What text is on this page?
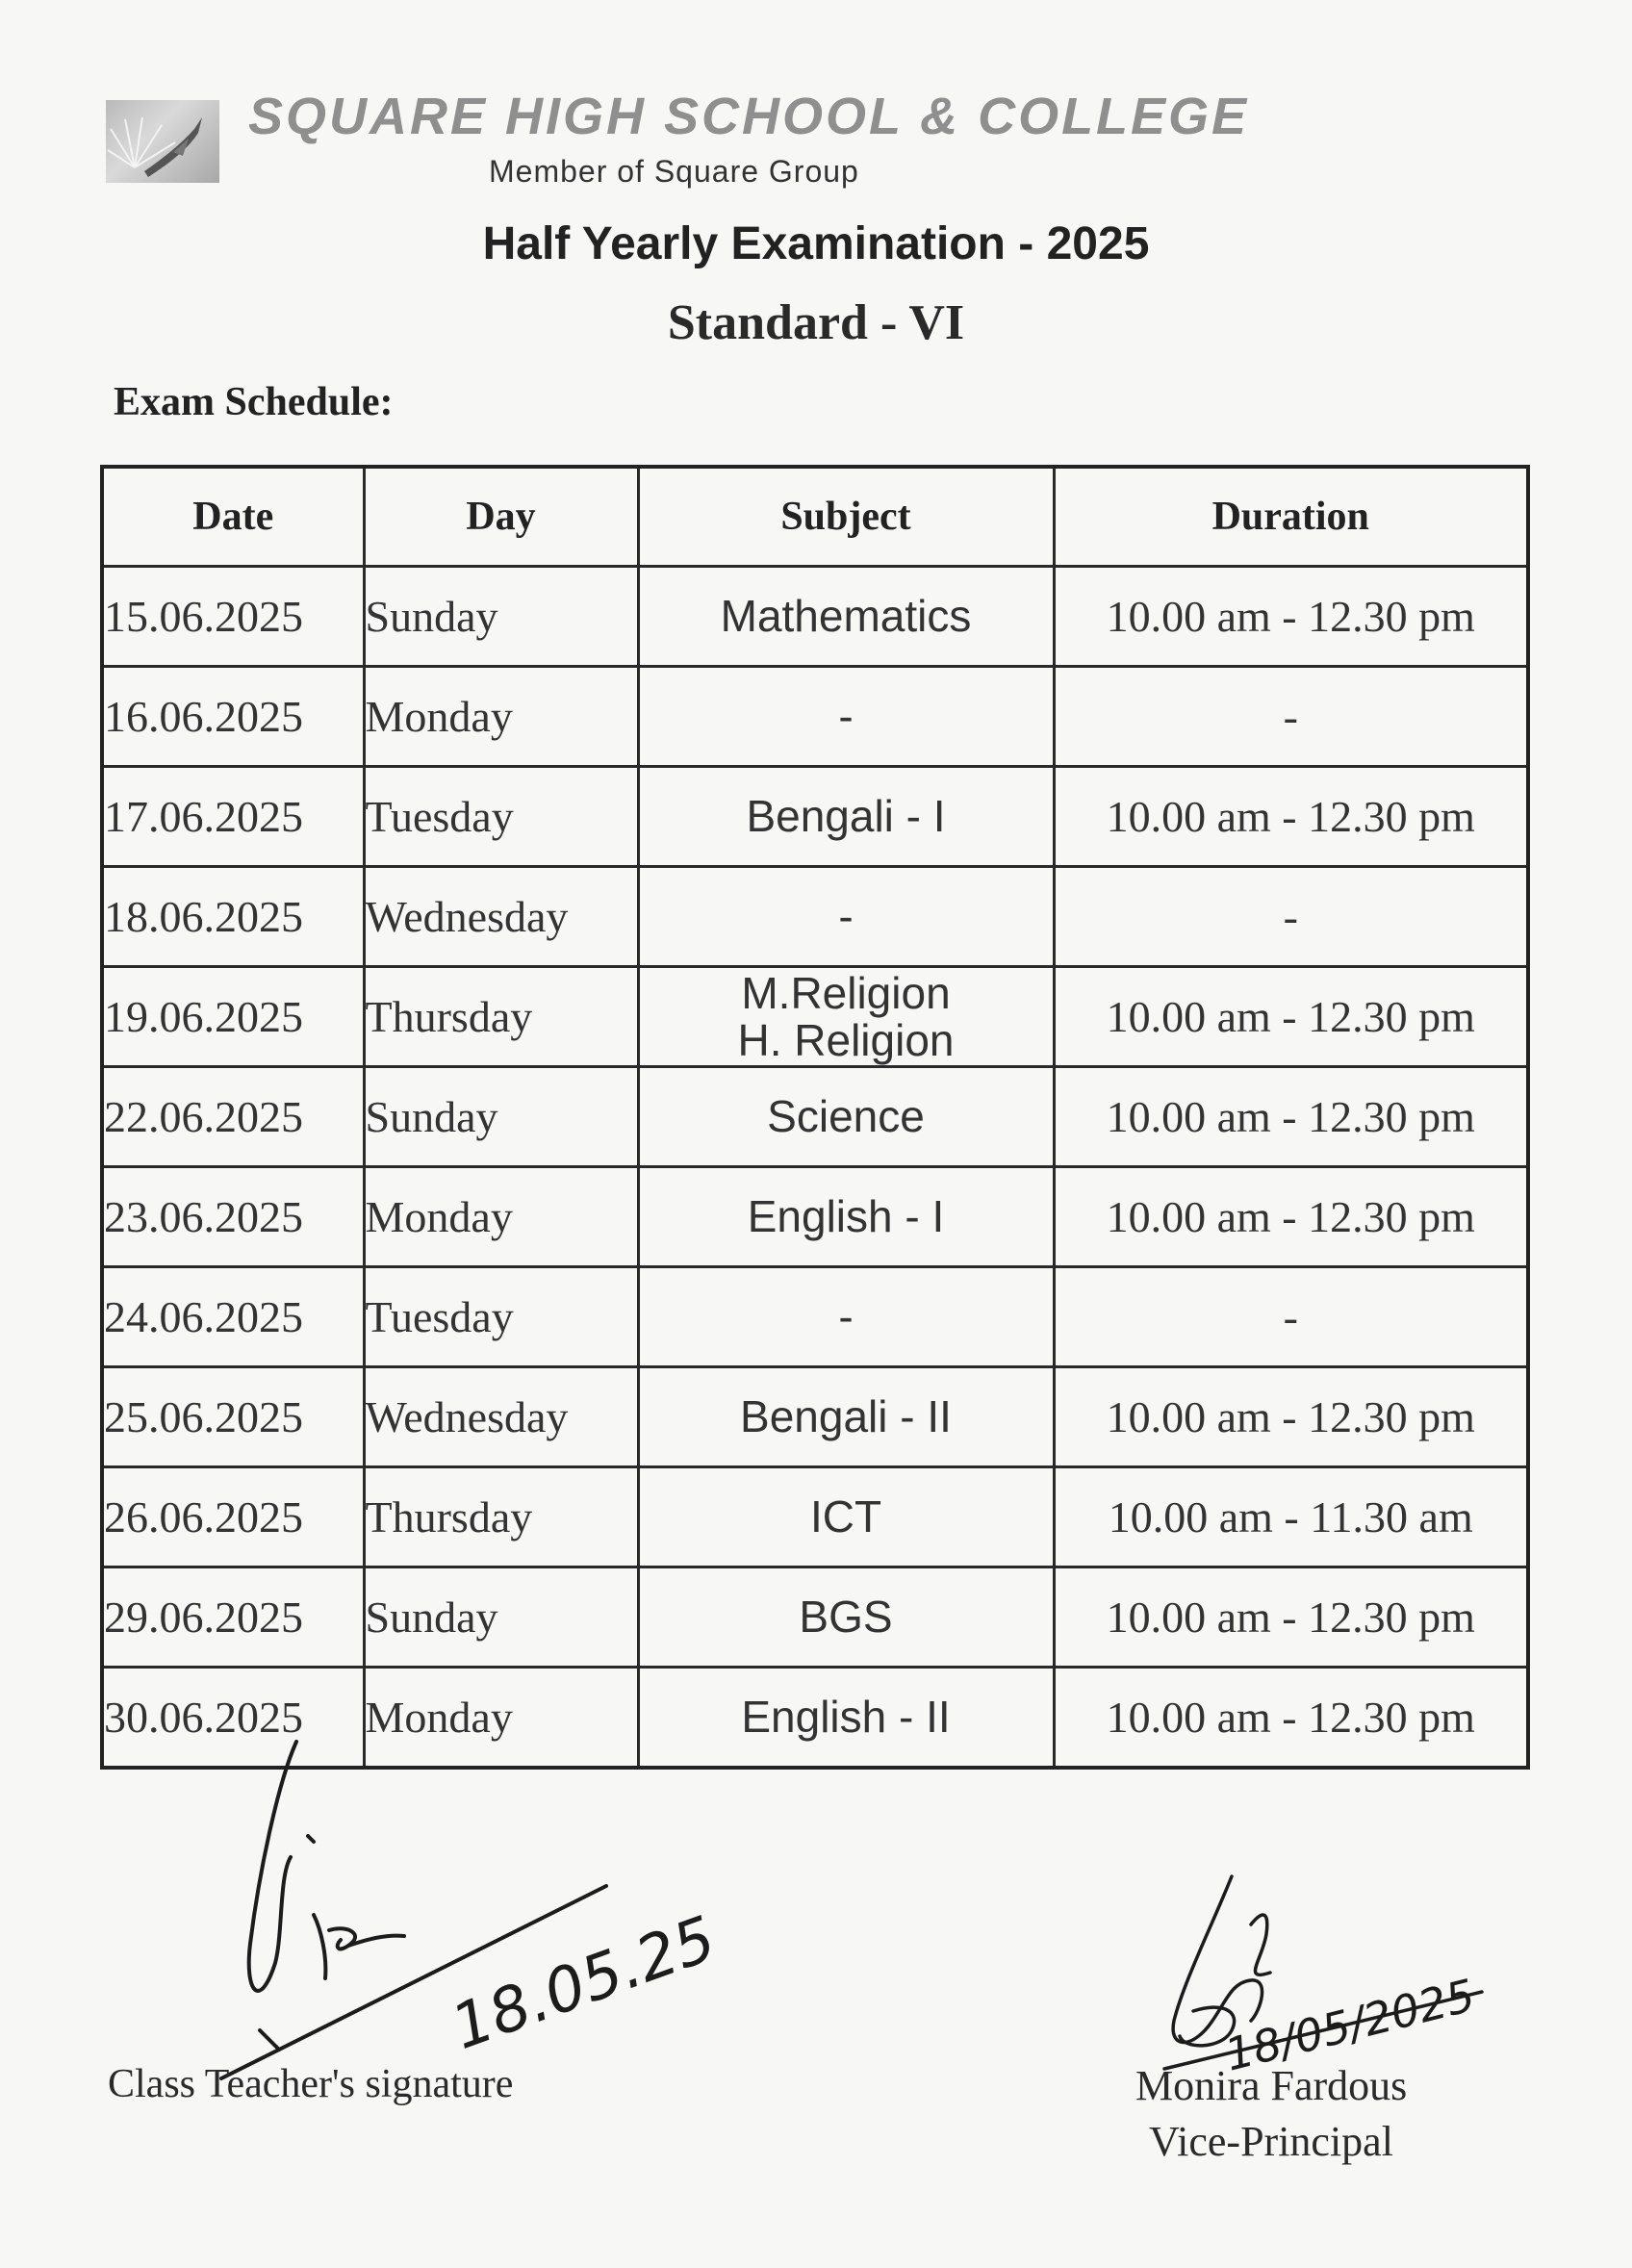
SQUARE HIGH SCHOOL & COLLEGE
Member of Square Group
Half Yearly Examination - 2025
Standard - VI
Exam Schedule:
Date	Day	Subject	Duration
15.06.2025	Sunday	Mathematics	10.00 am - 12.30 pm
16.06.2025	Monday	-	-
17.06.2025	Tuesday	Bengali - I	10.00 am - 12.30 pm
18.06.2025	Wednesday	-	-
19.06.2025	Thursday	M.Religion
H. Religion	10.00 am - 12.30 pm
22.06.2025	Sunday	Science	10.00 am - 12.30 pm
23.06.2025	Monday	English - I	10.00 am - 12.30 pm
24.06.2025	Tuesday	-	-
25.06.2025	Wednesday	Bengali - II	10.00 am - 12.30 pm
26.06.2025	Thursday	ICT	10.00 am - 11.30 am
29.06.2025	Sunday	BGS	10.00 am - 12.30 pm
30.06.2025	Monday	English - II	10.00 am - 12.30 pm
18.05.25
Class Teacher's signature
18/05/2025
Monira Fardous
Vice-Principal
